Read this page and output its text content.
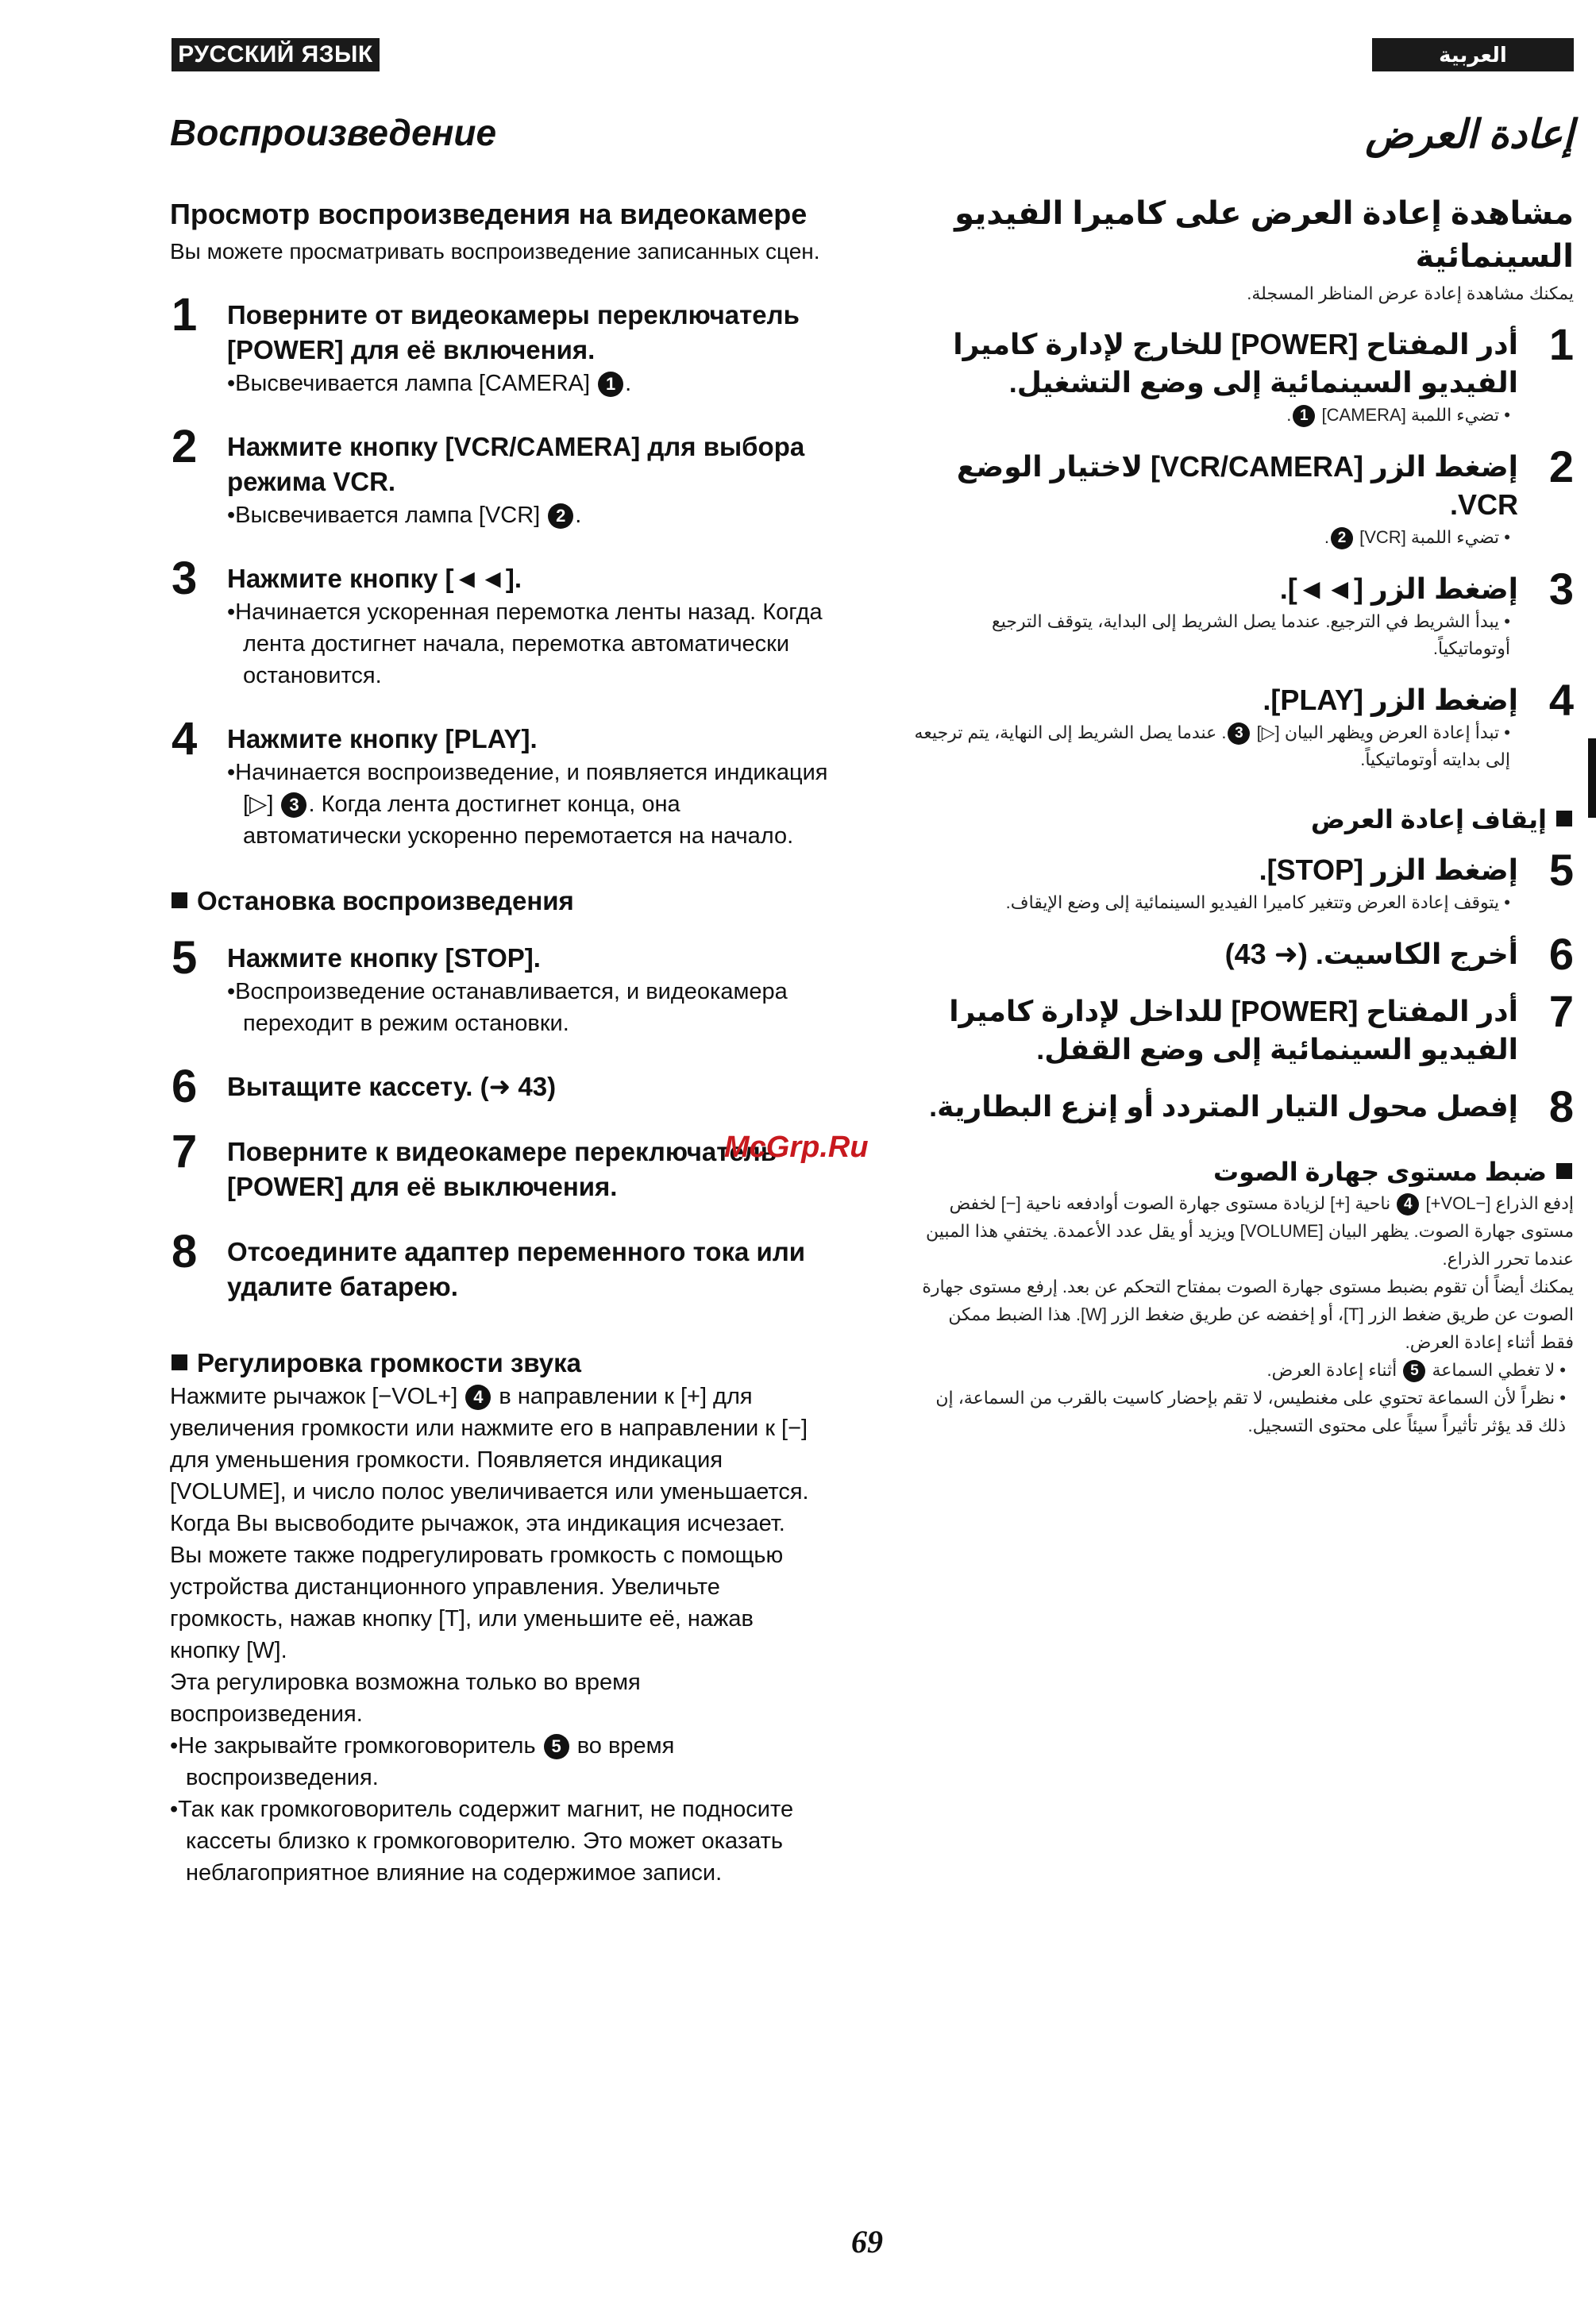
РУССКИЙ ЯЗЫК	العربية
Воспроизведение
Просмотр воспроизведения на видеокамере

Вы можете просматривать воспроизведение записанных сцен.

1 Поверните от видеокамеры переключатель [POWER] для её включения.
•Высвечивается лампа [CAMERA] 1 .
2 Нажмите кнопку [VCR/CAMERA] для выбора режима VCR.
•Высвечивается лампа [VCR] 2 .
3 Нажмите кнопку [◄◄].
•Начинается ускоренная перемотка ленты назад. Когда лента достигнет начала, перемотка автоматически остановится.
4 Нажмите кнопку [PLAY].
•Начинается воспроизведение, и появляется индикация [▷] 3 . Когда лента достигнет конца, она автоматически ускоренно перемотается на начало.
Остановка воспроизведения
5 Нажмите кнопку [STOP].
•Воспроизведение останавливается, и видеокамера переходит в режим остановки.
6 Вытащите кассету. (➜ 43)
7 Поверните к видеокамере переключатель [POWER] для её выключения.
8 Отсоедините адаптер переменного тока или удалите батарею.
Регулировка громкости звука
Нажмите рычажок [−VOL+] 4 в направлении к [+] для увеличения громкости или нажмите его в направлении к [−] для уменьшения громкости. Появляется индикация [VOLUME], и число полос увеличивается или уменьшается. Когда Вы высвободите рычажок, эта индикация исчезает.
Вы можете также подрегулировать громкость с помощью устройства дистанционного управления. Увеличьте громкость, нажав кнопку [T], или уменьшите её, нажав кнопку [W].
Эта регулировка возможна только во время воспроизведения.
•Не закрывайте громкоговоритель 5 во время воспроизведения.
•Так как громкоговоритель содержит магнит, не подносите кассеты близко к громкоговорителю. Это может оказать неблагоприятное влияние на содержимое записи.
إعادة العرض
مشاهدة إعادة العرض على كاميرا الفيديو السينمائية

يمكنك مشاهدة إعادة عرض المناظر المسجلة.

1
أدر المفتاح [POWER] للخارج لإدارة كاميرا الفيديو السينمائية إلى وضع التشغيل.
• تضيء اللمبة [CAMERA] 1.
2
إضغط الزر [VCR/CAMERA] لاختيار الوضع VCR.
• تضيء اللمبة [VCR] 2.
3
إضغط الزر [◄◄].
• يبدأ الشريط في الترجيع. عندما يصل الشريط إلى البداية، يتوقف الترجيع أوتوماتيكياً.
4
إضغط الزر [PLAY].
• تبدأ إعادة العرض ويظهر البيان [▷] 3. عندما يصل الشريط إلى النهاية، يتم ترجيعه إلى بدايته أوتوماتيكياً.
إيقاف إعادة العرض
5
إضغط الزر [STOP].
• يتوقف إعادة العرض وتتغير كاميرا الفيديو السينمائية إلى وضع الإيقاف.
6
أخرج الكاسيت. (➜ 43)
7
أدر المفتاح [POWER] للداخل لإدارة كاميرا الفيديو السينمائية إلى وضع القفل.
8
إفصل محول التيار المتردد أو إنزع البطارية.
ضبط مستوى جهارة الصوت
إدفع الذراع [−VOL+] 4 ناحية [+] لزيادة مستوى جهارة الصوت أوادفعه ناحية [−] لخفض مستوى جهارة الصوت. يظهر البيان [VOLUME] ويزيد أو يقل عدد الأعمدة. يختفي هذا المبين عندما تحرر الذراع.
يمكنك أيضاً أن تقوم بضبط مستوى جهارة الصوت بمفتاح التحكم عن بعد. إرفع مستوى جهارة الصوت عن طريق ضغط الزر [T]، أو إخفضه عن طريق ضغط الزر [W]. هذا الضبط ممكن فقط أثناء إعادة العرض.
• لا تغطي السماعة 5 أثناء إعادة العرض.
• نظراً لأن السماعة تحتوي على مغنطيس، لا تقم بإحضار كاسيت بالقرب من السماعة، إن ذلك قد يؤثر تأثيراً سيئاً على محتوى التسجيل.
McGrp.Ru
69
